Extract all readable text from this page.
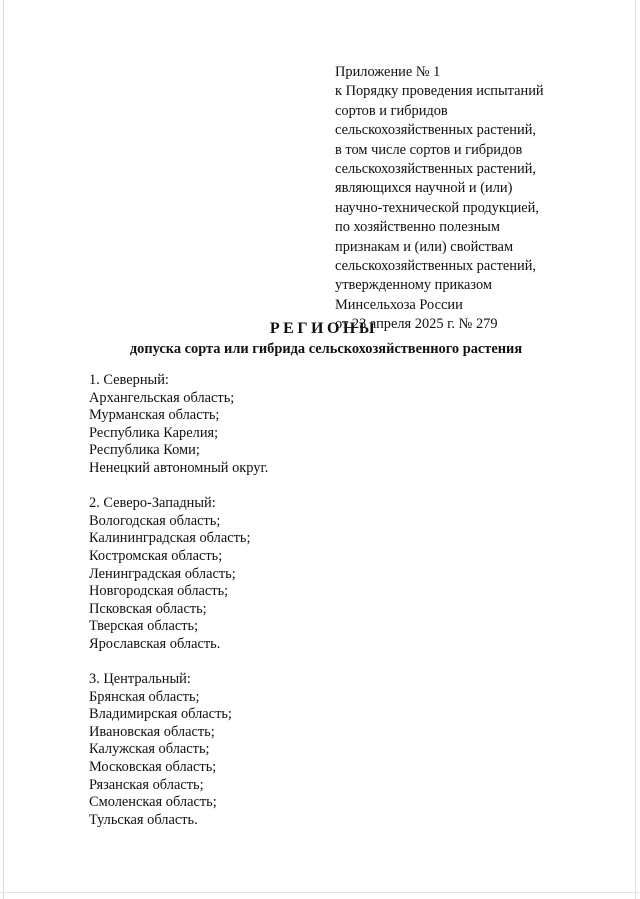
Приложение № 1
к Порядку проведения испытаний
сортов и гибридов
сельскохозяйственных растений,
в том числе сортов и гибридов
сельскохозяйственных растений,
являющихся научной и (или)
научно-технической продукцией,
по хозяйственно полезным
признакам и (или) свойствам
сельскохозяйственных растений,
утвержденному приказом
Минсельхоза России
от 23 апреля 2025 г. № 279
РЕГИОНЫ
допуска сорта или гибрида сельскохозяйственного растения
1. Северный:
Архангельская область;
Мурманская область;
Республика Карелия;
Республика Коми;
Ненецкий автономный округ.
2. Северо-Западный:
Вологодская область;
Калининградская область;
Костромская область;
Ленинградская область;
Новгородская область;
Псковская область;
Тверская область;
Ярославская область.
3. Центральный:
Брянская область;
Владимирская область;
Ивановская область;
Калужская область;
Московская область;
Рязанская область;
Смоленская область;
Тульская область.
